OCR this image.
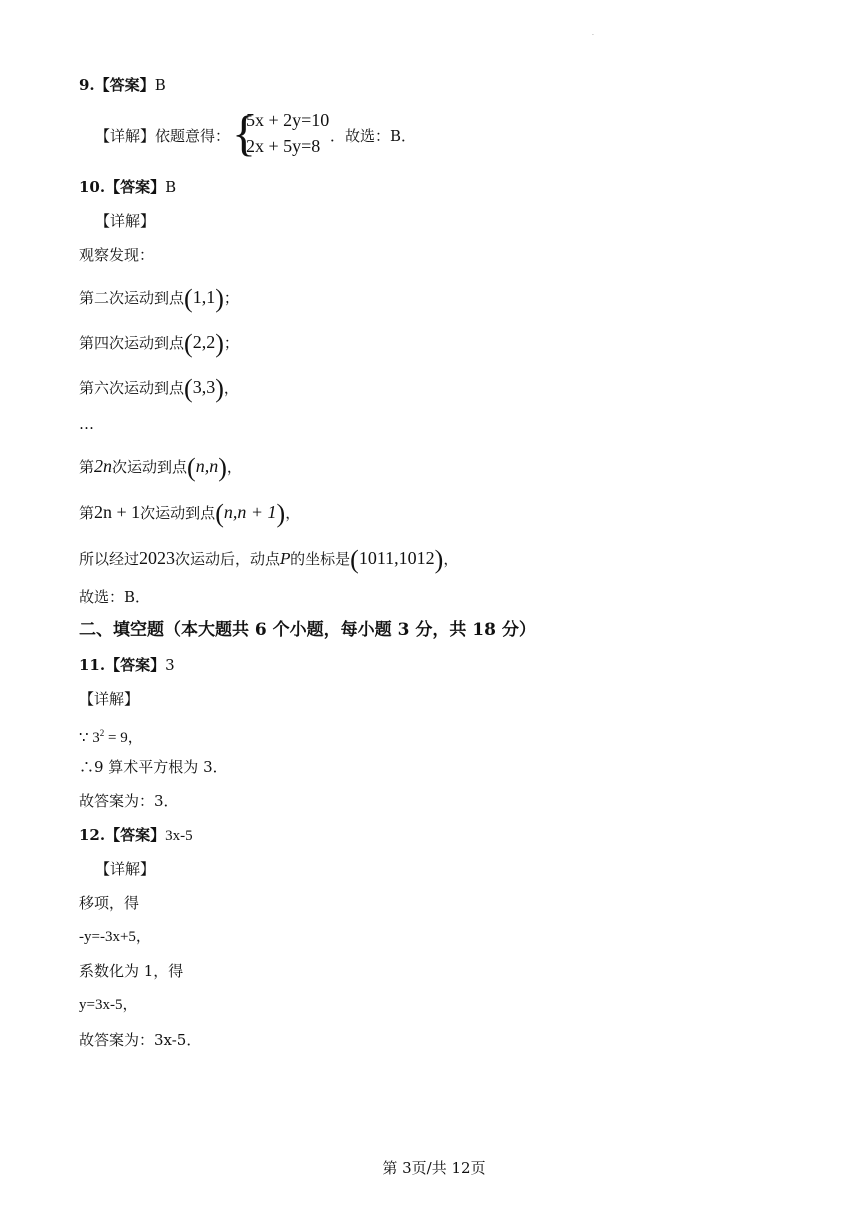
.
9.【答案】B
【详解】依题意得： {
5x + 2y=10
2x + 5y=8 ．故选：B．
10.【答案】B
【详解】
观察发现：
第二次运动到点(1,1)；
第四次运动到点(2,2)；
第六次运动到点(3,3)，
…
第2n次运动到点(n,n)，
第2n + 1次运动到点(n,n + 1)，
所以经过2023次运动后，动点P的坐标是(1011,1012)，
故选：B．
二、填空题（本大题共 6 个小题，每小题 3 分，共 18 分）
11.【答案】3
【详解】
∵ $3^2 = 9$，
∴9 算术平方根为 3．
故答案为：3．
12.【答案】3x-5
【详解】
移项，得
-y=-3x+5，
系数化为 1，得
y=3x-5，
故答案为：3x-5．
第 3页/共 12页
